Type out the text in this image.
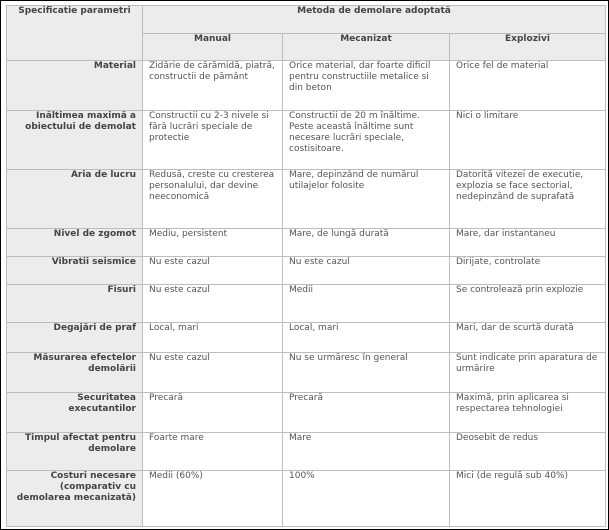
Specificatie parametri	Metoda de demolare adoptată		
	Manual	Mecanizat	Explozivi
Material	Zidărie de cărămidă, piatră, constructii de pământ	Orice material, dar foarte dificil pentru constructiile metalice si din beton	Orice fel de material
Înăltimea maximă a obiectului de demolat	Constructii cu 2-3 nivele si fără lucrări speciale de protectie	Constructii de 20 m înăltime. Peste această înăltime sunt necesare lucrări speciale, costisitoare.	Nici o limitare
Aria de lucru	Redusă, creste cu cresterea personalului, dar devine neeconomică	Mare, depinzând de numărul utilajelor folosite	Datorită vitezei de executie, explozia se face sectorial, nedepinzând de suprafată
Nivel de zgomot	Mediu, persistent	Mare, de lungă durată	Mare, dar instantaneu
Vibratii seismice	Nu este cazul	Nu este cazul	Dirijate, controlate
Fisuri	Nu este cazul	Medii	Se controlează prin explozie
Degajări de praf	Local, mari	Local, mari	Mari, dar de scurtă durată
Măsurarea efectelor demolării	Nu este cazul	Nu se urmăresc în general	Sunt indicate prin aparatura de urmărire
Securitatea executantilor	Precară	Precară	Maximă, prin aplicarea si respectarea tehnologiei
Timpul afectat pentru demolare	Foarte mare	Mare	Deosebit de redus
Costuri necesare (comparativ cu demolarea mecanizată)	Medii (60%)	100%	Mici (de regulă sub 40%)
